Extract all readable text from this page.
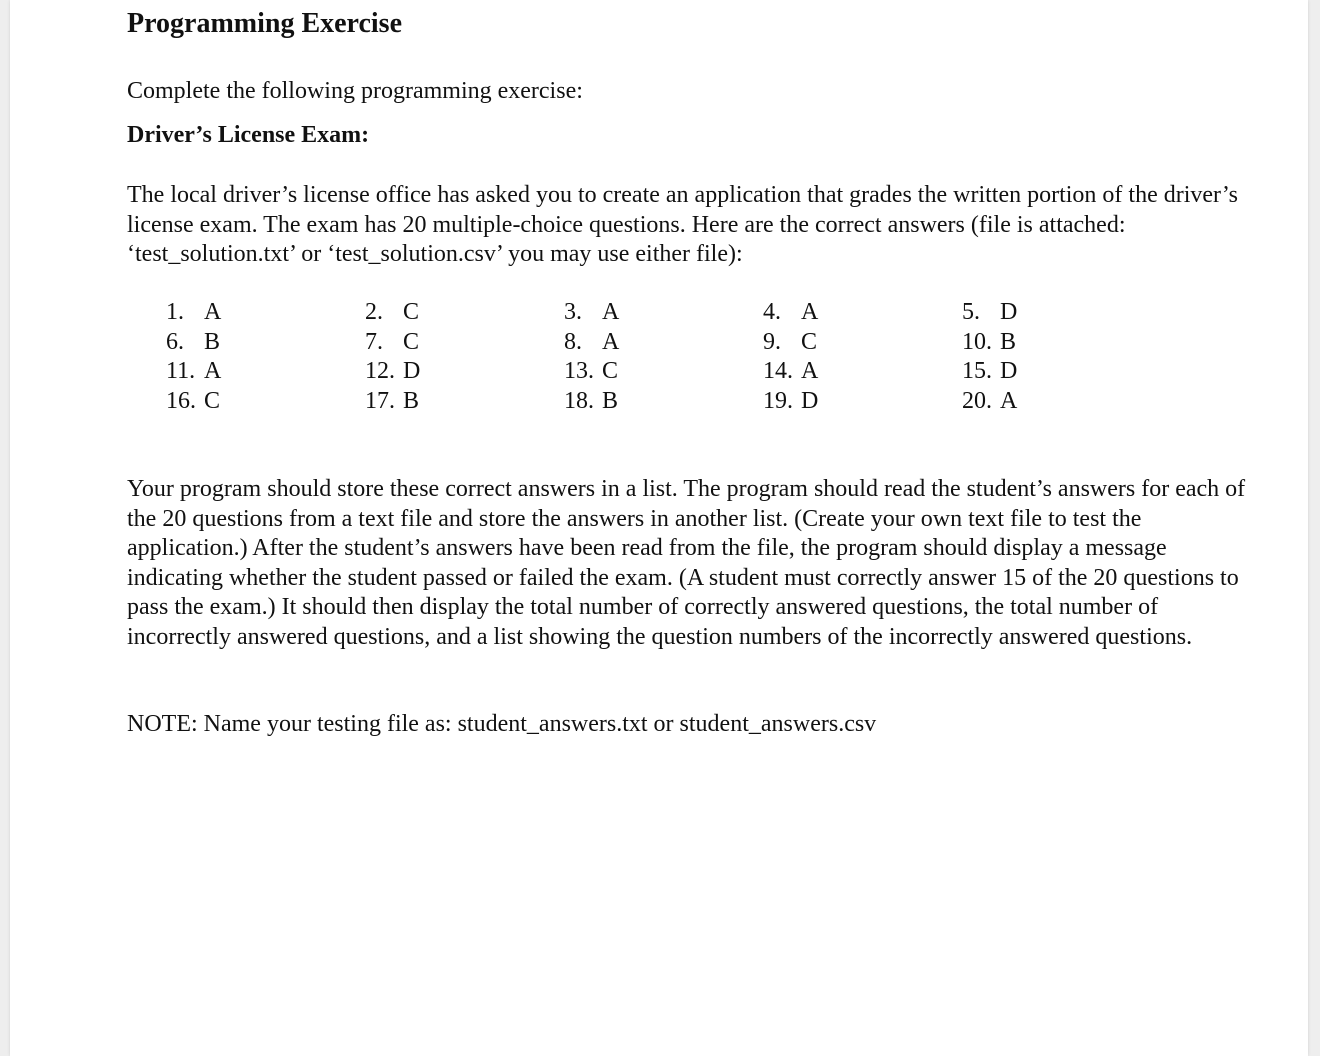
Programming Exercise

Complete the following programming exercise:

Driver’s License Exam:

The local driver’s license office has asked you to create an application that grades the written portion of the driver’s license exam. The exam has 20 multiple-choice questions. Here are the correct answers (file is attached: ‘test_solution.txt’ or ‘test_solution.csv’ you may use either file):

1. A	2. C	3. A	4. A	5. D
6. B	7. C	8. A	9. C	10. B
11. A	12. D	13. C	14. A	15. D
16. C	17. B	18. B	19. D	20. A

Your program should store these correct answers in a list. The program should read the student’s answers for each of the 20 questions from a text file and store the answers in another list. (Create your own text file to test the application.) After the student’s answers have been read from the file, the program should display a message indicating whether the student passed or failed the exam. (A student must correctly answer 15 of the 20 questions to pass the exam.) It should then display the total number of correctly answered questions, the total number of incorrectly answered questions, and a list showing the question numbers of the incorrectly answered questions.

NOTE: Name your testing file as: student_answers.txt or student_answers.csv
